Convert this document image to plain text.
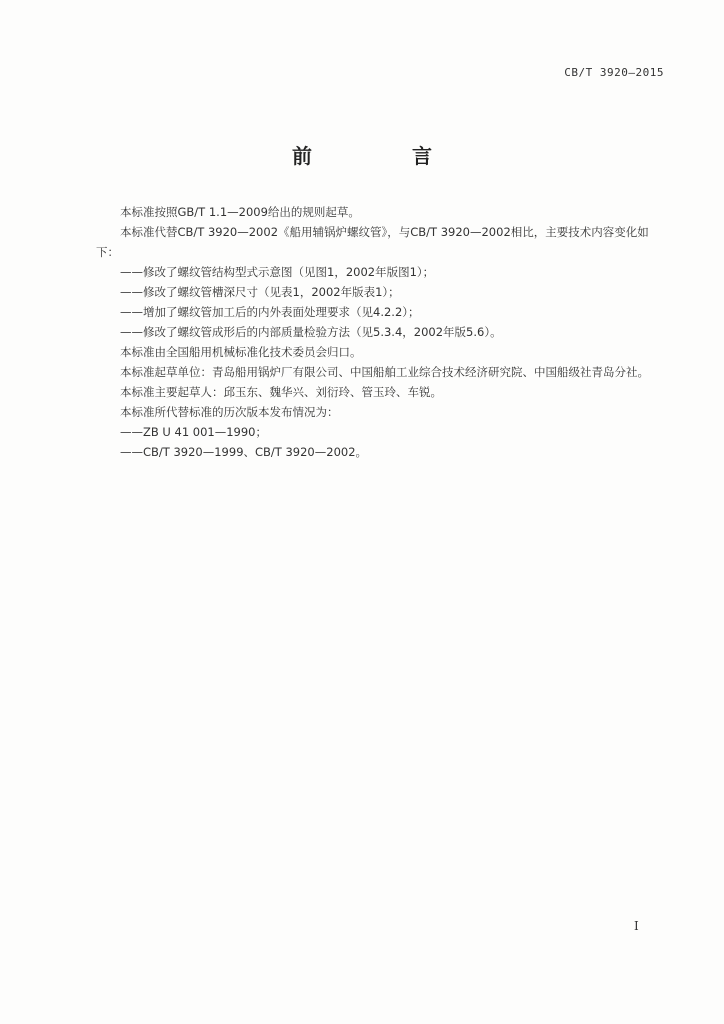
CB/T 3920—2015
前　言

本标准按照GB/T 1.1—2009给出的规则起草。

本标准代替CB/T 3920—2002《船用辅锅炉螺纹管》，与CB/T 3920—2002相比，主要技术内容变化如下：

——修改了螺纹管结构型式示意图（见图1，2002年版图1）；

——修改了螺纹管槽深尺寸（见表1，2002年版表1）；

——增加了螺纹管加工后的内外表面处理要求（见4.2.2）；

——修改了螺纹管成形后的内部质量检验方法（见5.3.4，2002年版5.6）。

本标准由全国船用机械标准化技术委员会归口。

本标准起草单位：青岛船用锅炉厂有限公司、中国船舶工业综合技术经济研究院、中国船级社青岛分社。

本标准主要起草人：邱玉东、魏华兴、刘衍玲、管玉玲、车锐。

本标准所代替标准的历次版本发布情况为：

——ZB U 41 001—1990；

——CB/T 3920—1999、CB/T 3920—2002。

I
